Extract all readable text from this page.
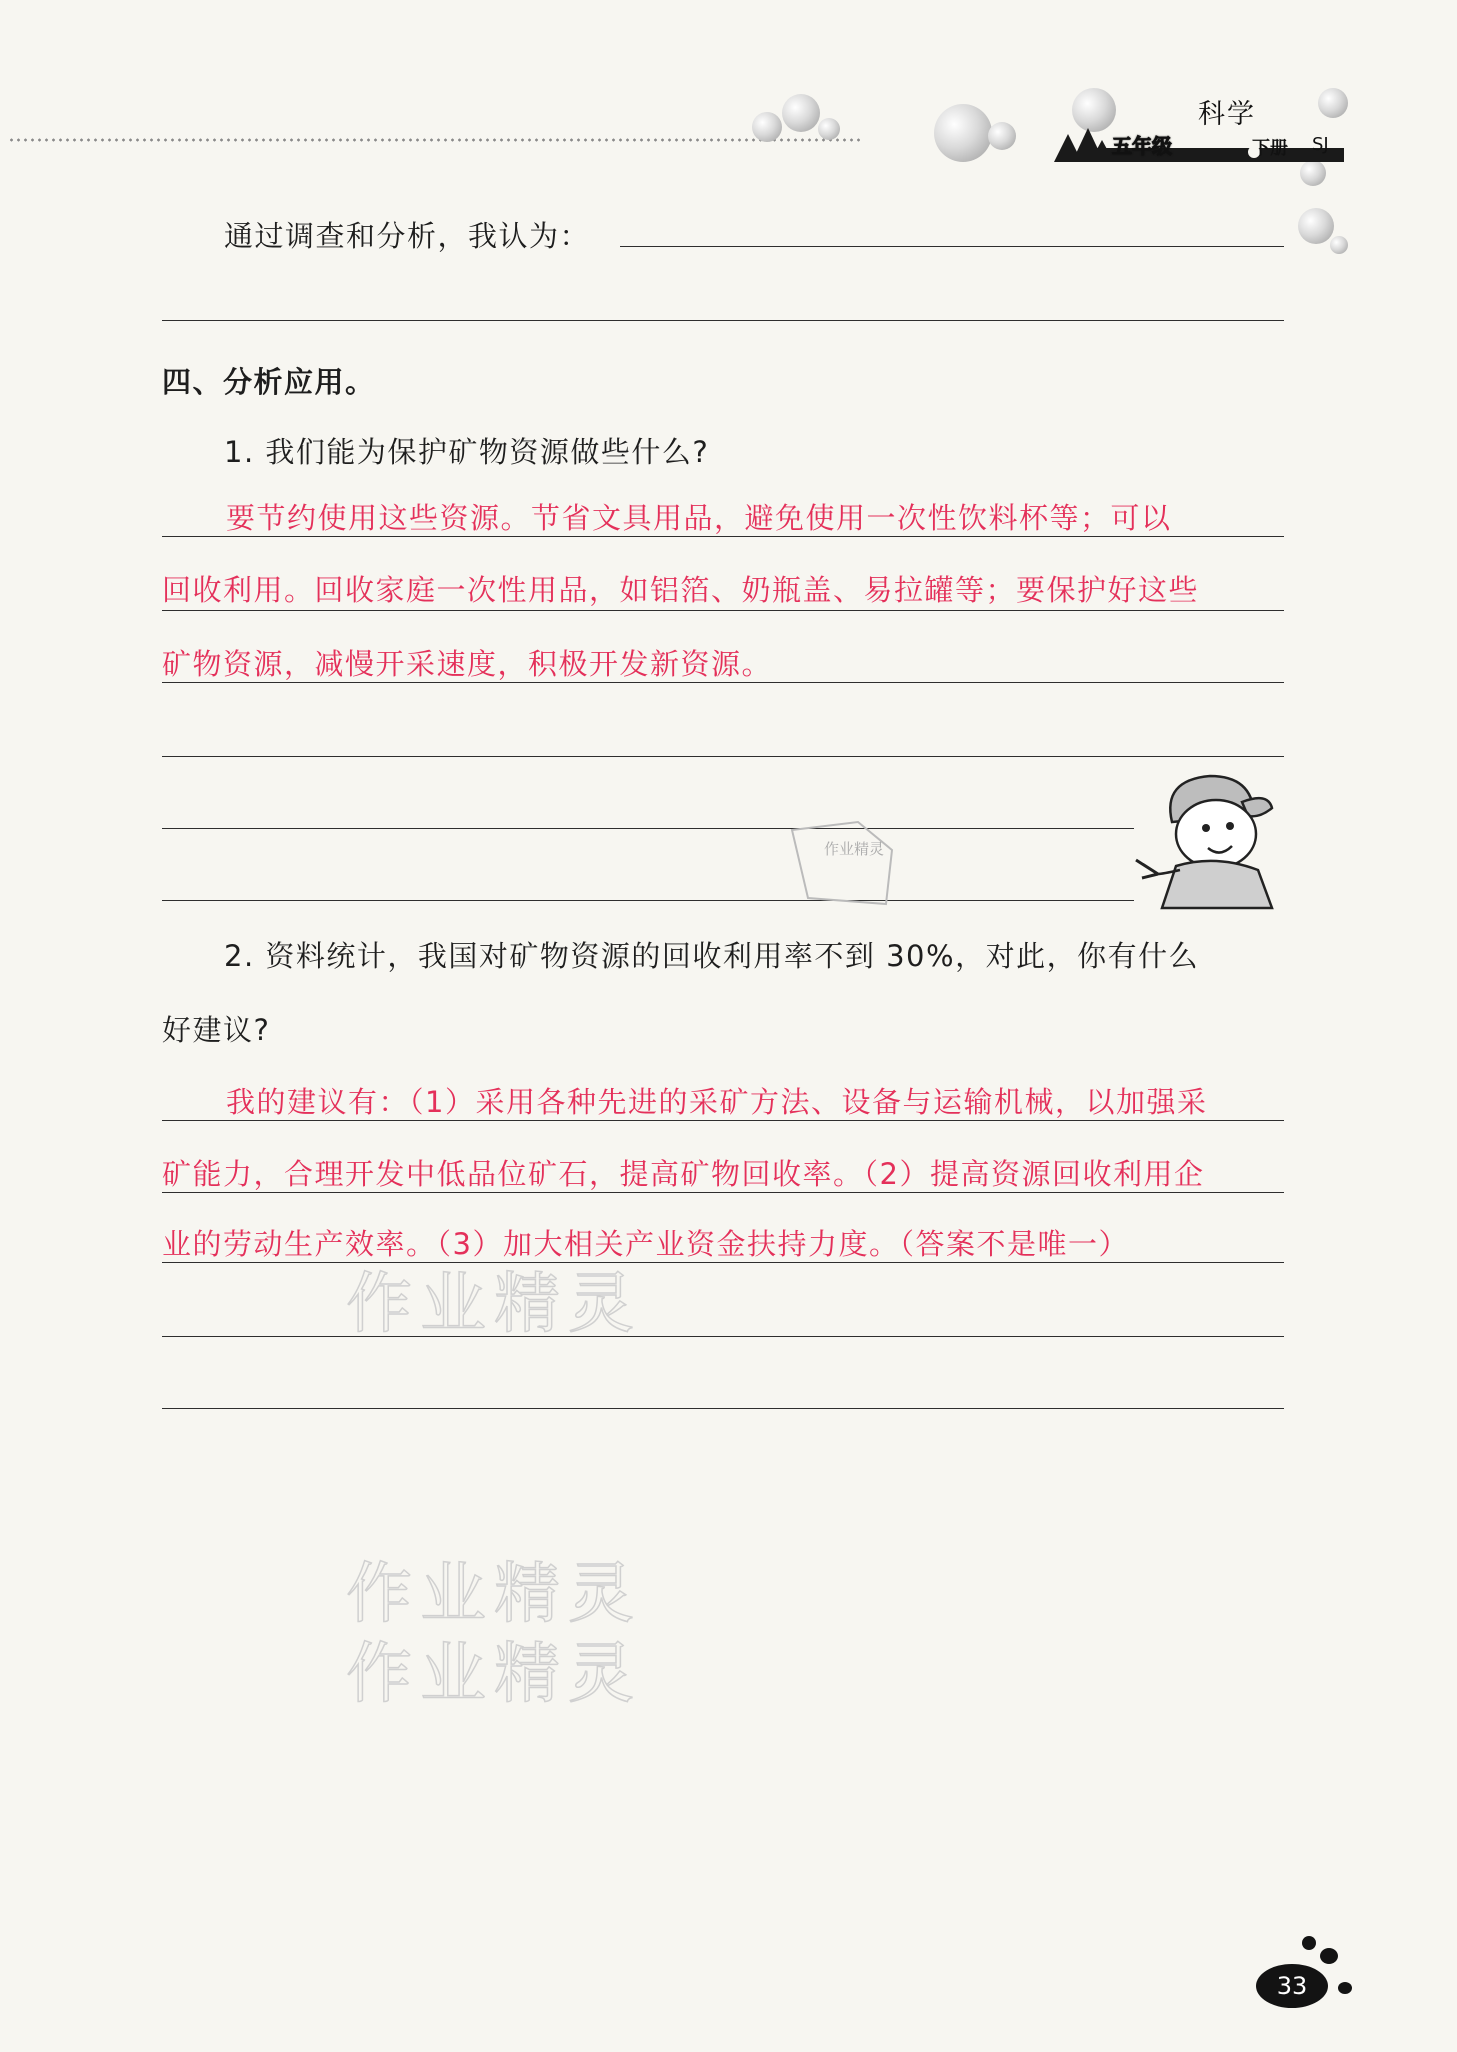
科学
五年级	下册 SJ
通过调查和分析，我认为：
四、分析应用。
1. 我们能为保护矿物资源做些什么?
要节约使用这些资源。节省文具用品，避免使用一次性饮料杯等；可以
回收利用。回收家庭一次性用品，如铝箔、奶瓶盖、易拉罐等；要保护好这些
矿物资源，减慢开采速度，积极开发新资源。
作业精灵
2. 资料统计，我国对矿物资源的回收利用率不到 30%，对此，你有什么
好建议?
我的建议有：（1）采用各种先进的采矿方法、设备与运输机械，以加强采
矿能力，合理开发中低品位矿石，提高矿物回收率。（2）提高资源回收利用企
业的劳动生产效率。（3）加大相关产业资金扶持力度。（答案不是唯一）
作业精灵
作业精灵
作业精灵
33
